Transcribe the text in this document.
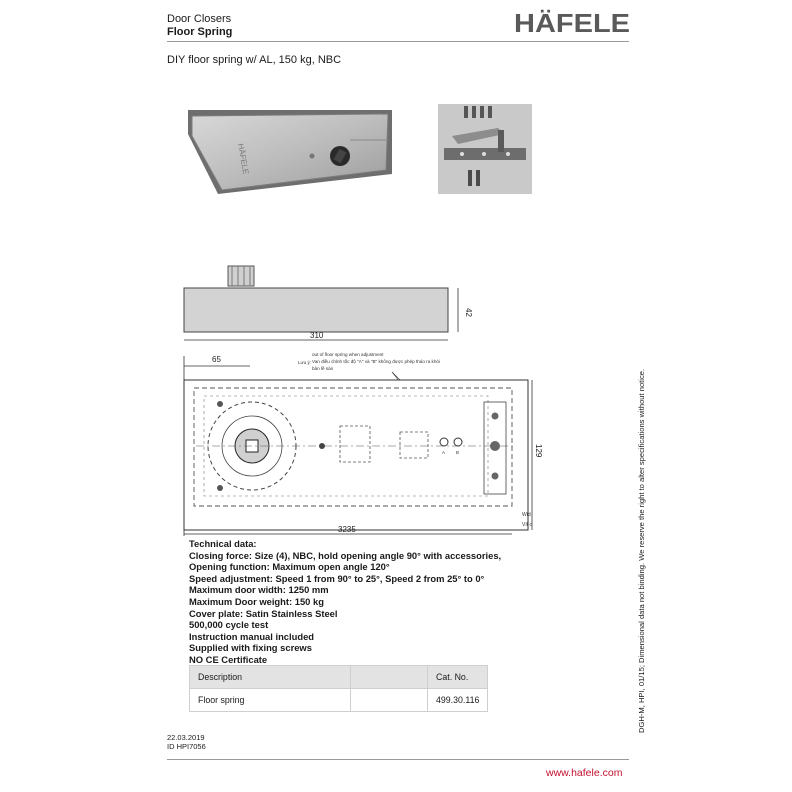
Door Closers
Floor Spring	HÄFELE
DIY floor spring w/ AL, 150 kg, NBC
HÄFELE
42
310
65	Lưu ý:
out of floor spring when adjustment
Van điều chỉnh tốc độ "A" và "B" không được phép tháo ra khỏi
bản lề sàn
A B	129
3235
Wid
Vít c
Technical data:
Closing force: Size (4), NBC, hold opening angle 90° with accessories,
Opening function: Maximum open angle 120°
Speed adjustment: Speed 1 from 90° to 25°, Speed 2 from 25° to 0°
Maximum door width: 1250 mm
Maximum Door weight: 150 kg
Cover plate: Satin Stainless Steel
500,000 cycle test
Instruction manual included
Supplied with fixing screws
NO CE Certificate
Description		Cat. No.
Floor spring		499.30.116
22.03.2019
ID HPI7056
www.hafele.com
DGH-M, HPI, 01/15; Dimensional data not binding. We reserve the right to alter specifications without notice.
